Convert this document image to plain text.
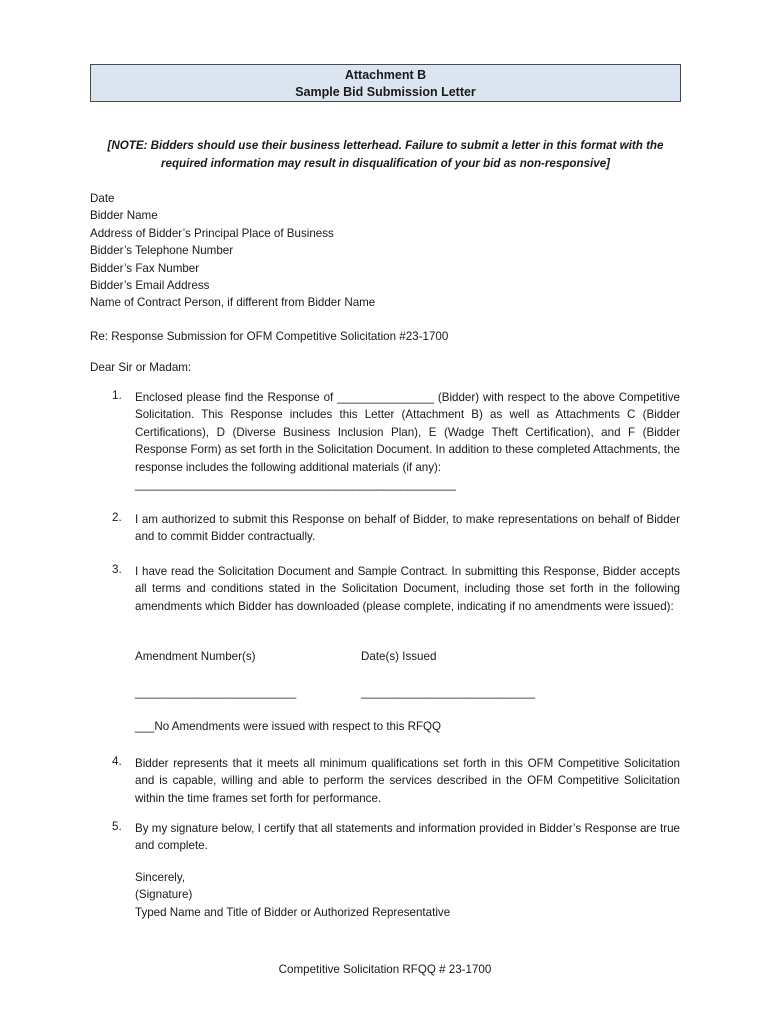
Attachment B
Sample Bid Submission Letter
[NOTE: Bidders should use their business letterhead. Failure to submit a letter in this format with the required information may result in disqualification of your bid as non-responsive]
Date
Bidder Name
Address of Bidder’s Principal Place of Business
Bidder’s Telephone Number
Bidder’s Fax Number
Bidder’s Email Address
Name of Contract Person, if different from Bidder Name
Re: Response Submission for OFM Competitive Solicitation #23-1700
Dear Sir or Madam:
1. Enclosed please find the Response of _______________ (Bidder) with respect to the above Competitive Solicitation. This Response includes this Letter (Attachment B) as well as Attachments C (Bidder Certifications), D (Diverse Business Inclusion Plan), E (Wadge Theft Certification), and F (Bidder Response Form) as set forth in the Solicitation Document. In addition to these completed Attachments, the response includes the following additional materials (if any):
_____________________________________________________
2. I am authorized to submit this Response on behalf of Bidder, to make representations on behalf of Bidder and to commit Bidder contractually.
3. I have read the Solicitation Document and Sample Contract. In submitting this Response, Bidder accepts all terms and conditions stated in the Solicitation Document, including those set forth in the following amendments which Bidder has downloaded (please complete, indicating if no amendments were issued):
Amendment Number(s)	Date(s) Issued
_________________________	___________________________
___No Amendments were issued with respect to this RFQQ
4. Bidder represents that it meets all minimum qualifications set forth in this OFM Competitive Solicitation and is capable, willing and able to perform the services described in the OFM Competitive Solicitation within the time frames set forth for performance.
5. By my signature below, I certify that all statements and information provided in Bidder’s Response are true and complete.
Sincerely,
(Signature)
Typed Name and Title of Bidder or Authorized Representative
Competitive Solicitation RFQQ # 23-1700
